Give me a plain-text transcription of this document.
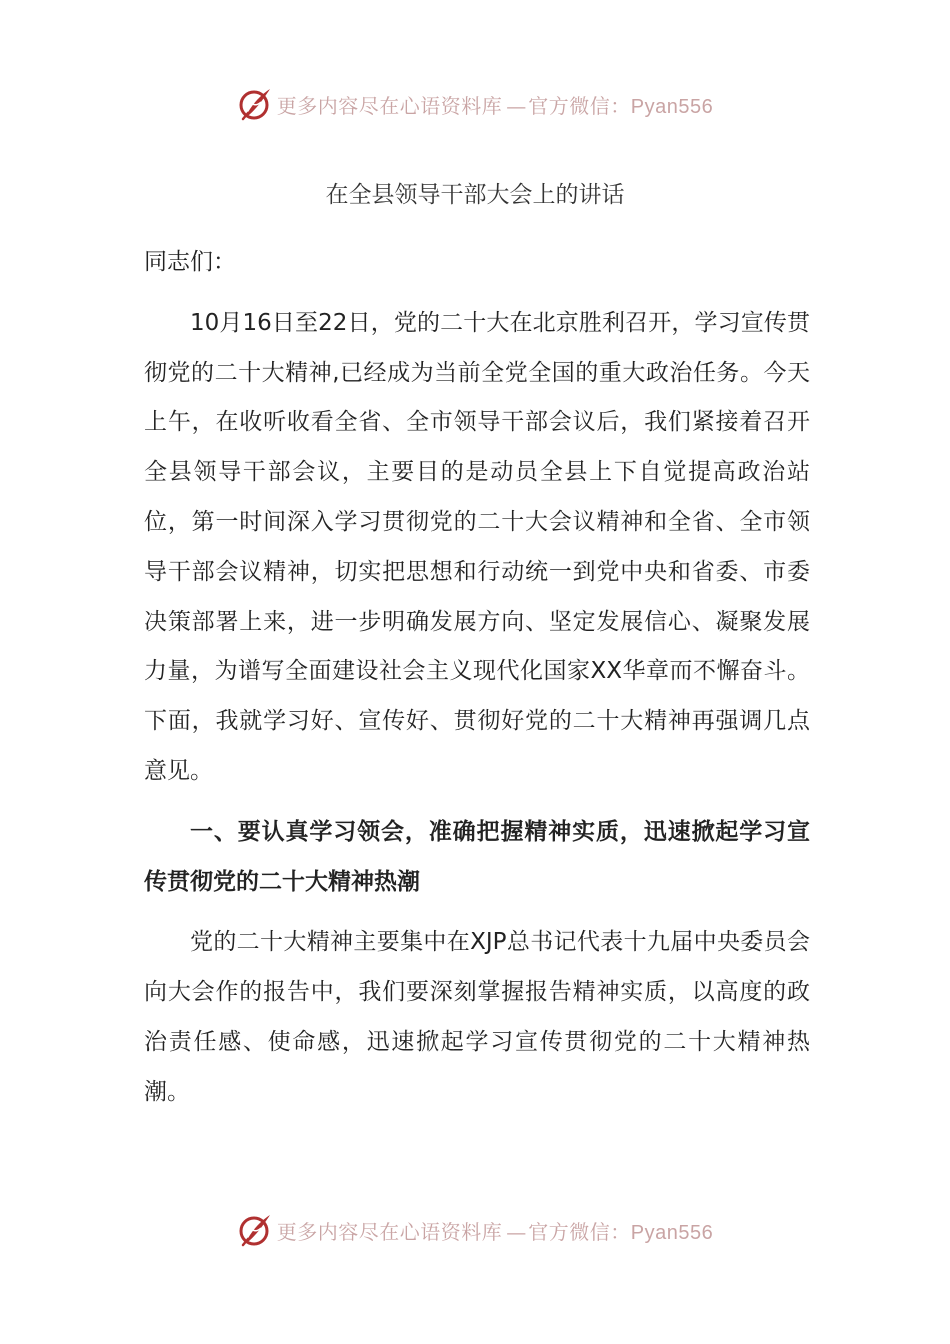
更多内容尽在心语资料库 — 官方微信：Pyan556
在全县领导干部大会上的讲话

同志们：

10月16日至22日，党的二十大在北京胜利召开，学习宣传贯彻党的二十大精神,已经成为当前全党全国的重大政治任务。今天上午，在收听收看全省、全市领导干部会议后，我们紧接着召开全县领导干部会议，主要目的是动员全县上下自觉提高政治站位，第一时间深入学习贯彻党的二十大会议精神和全省、全市领导干部会议精神，切实把思想和行动统一到党中央和省委、市委决策部署上来，进一步明确发展方向、坚定发展信心、凝聚发展力量，为谱写全面建设社会主义现代化国家XX华章而不懈奋斗。下面，我就学习好、宣传好、贯彻好党的二十大精神再强调几点意见。

一、要认真学习领会，准确把握精神实质，迅速掀起学习宣传贯彻党的二十大精神热潮

党的二十大精神主要集中在XJP总书记代表十九届中央委员会向大会作的报告中，我们要深刻掌握报告精神实质，以高度的政治责任感、使命感，迅速掀起学习宣传贯彻党的二十大精神热潮。

更多内容尽在心语资料库 — 官方微信：Pyan556
